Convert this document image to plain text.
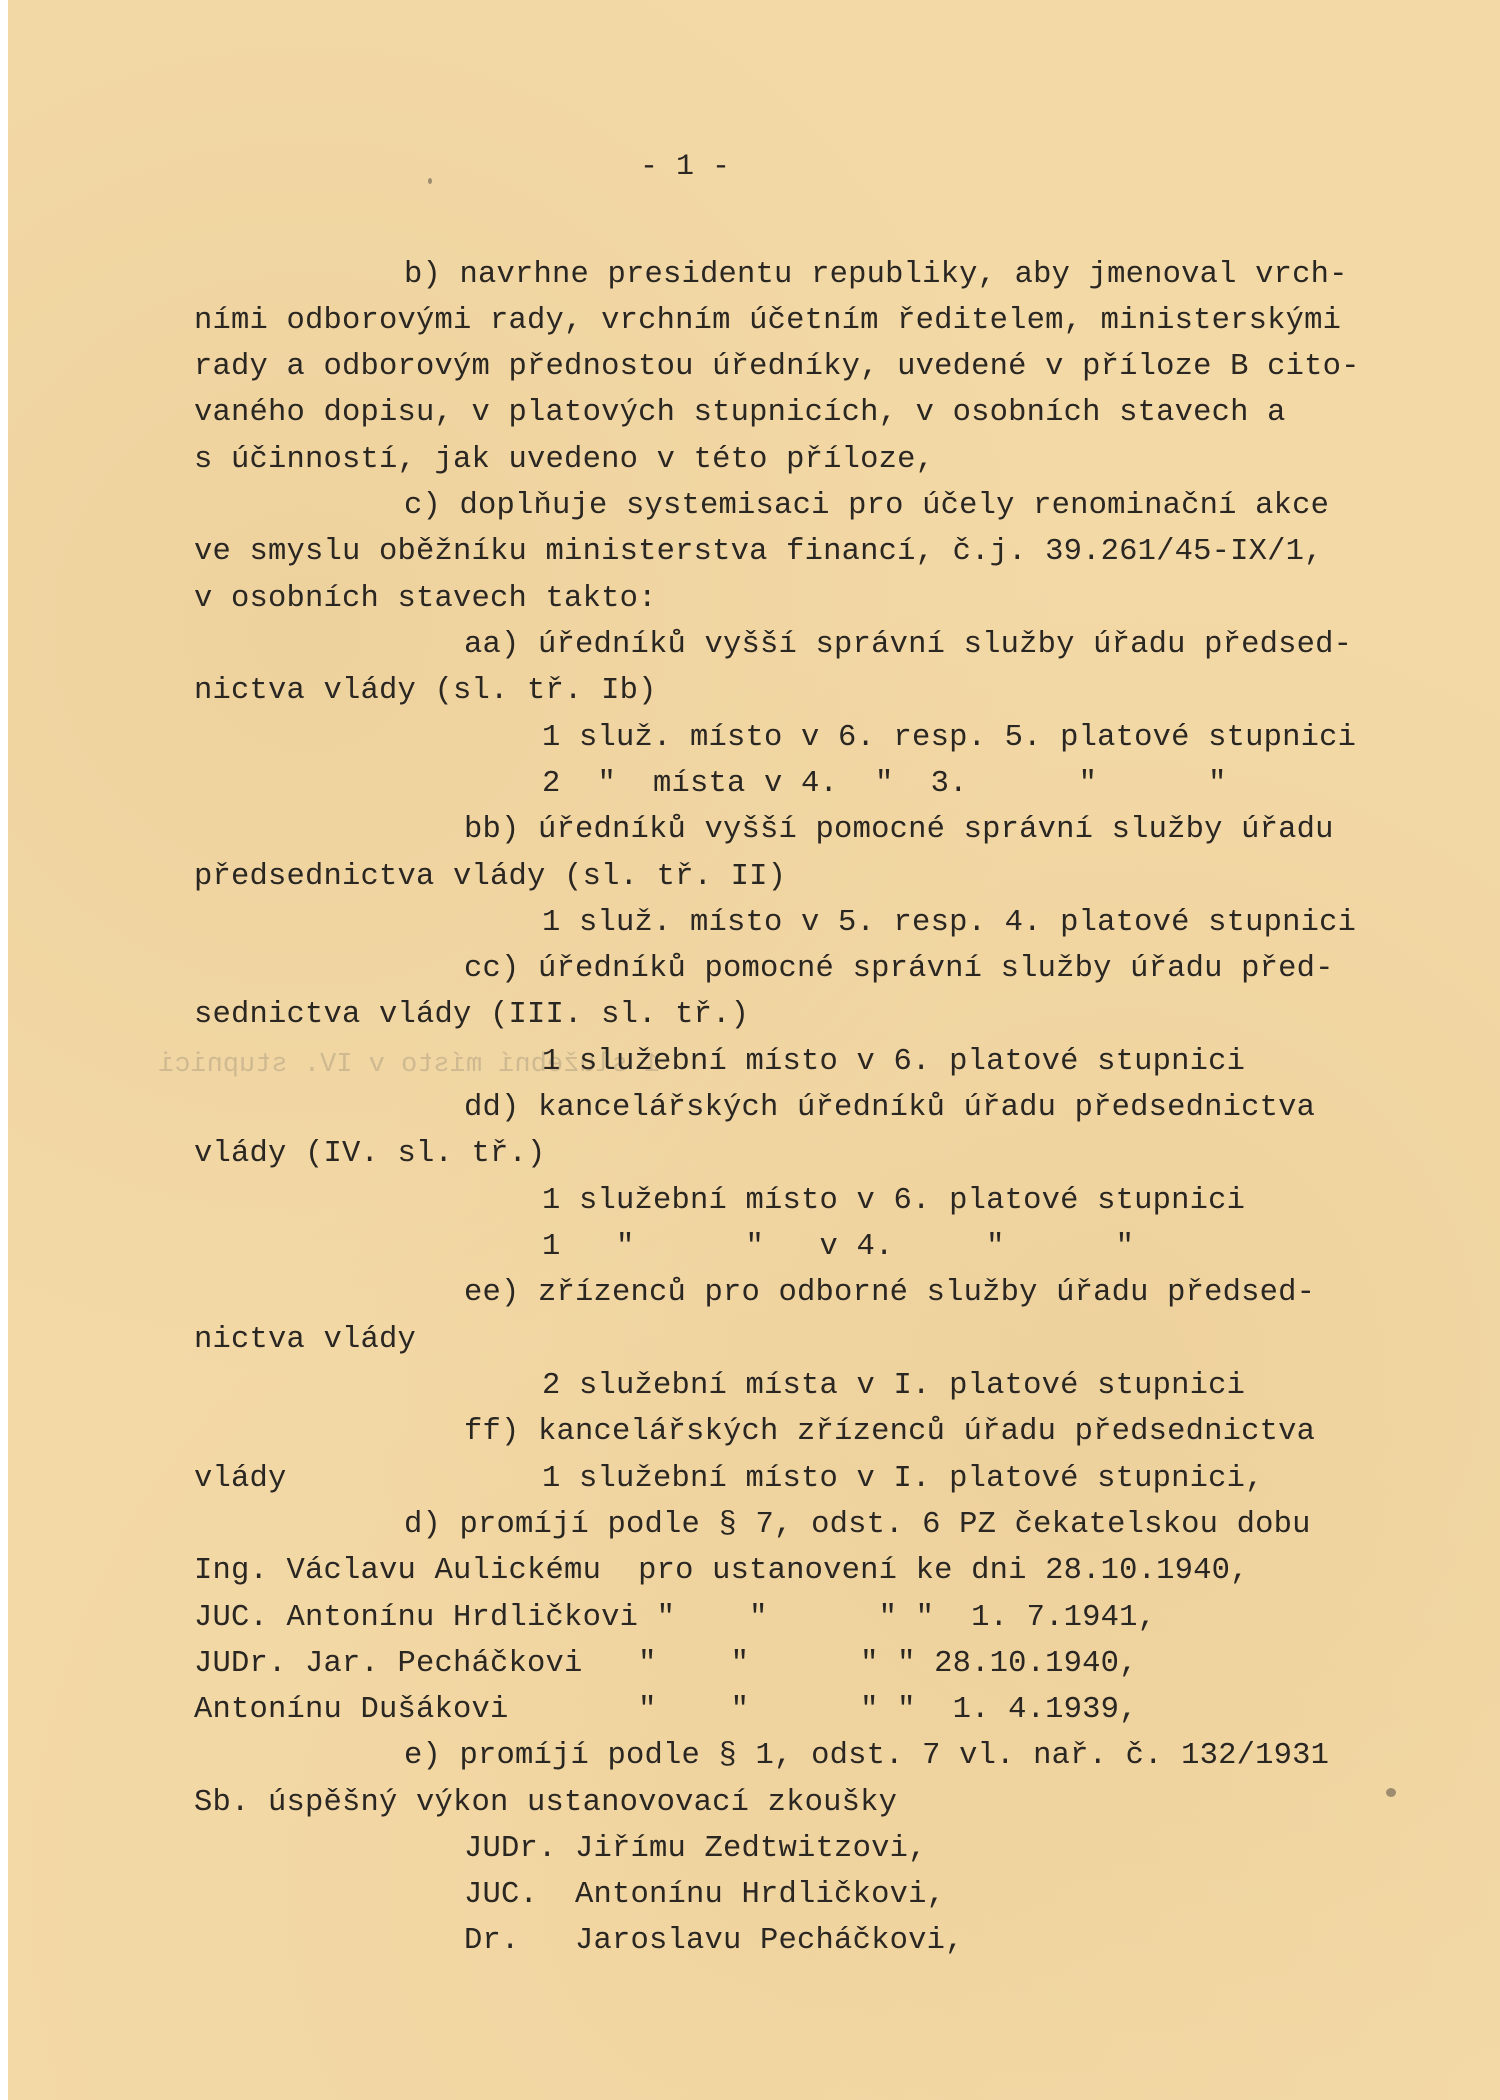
- 1 -
1 služební místo v IV. stupnici
b) navrhne presidentu republiky, aby jmenoval vrch-
ními odborovými rady, vrchním účetním ředitelem, ministerskými
rady a odborovým přednostou úředníky, uvedené v příloze B cito-
vaného dopisu, v platových stupnicích, v osobních stavech a
s účinností, jak uvedeno v této příloze,
c) doplňuje systemisaci pro účely renominační akce
ve smyslu oběžníku ministerstva financí, č.j. 39.261/45-IX/1,
v osobních stavech takto:
aa) úředníků vyšší správní služby úřadu předsed-
nictva vlády (sl. tř. Ib)
1 služ. místo v 6. resp. 5. platové stupnici
2  "  místa v 4.  "  3.      "      "
bb) úředníků vyšší pomocné správní služby úřadu
předsednictva vlády (sl. tř. II)
1 služ. místo v 5. resp. 4. platové stupnici
cc) úředníků pomocné správní služby úřadu před-
sednictva vlády (III. sl. tř.)
1 služební místo v 6. platové stupnici
dd) kancelářských úředníků úřadu předsednictva
vlády (IV. sl. tř.)
1 služební místo v 6. platové stupnici
1   "      "   v 4.     "      "
ee) zřízenců pro odborné služby úřadu předsed-
nictva vlády
2 služební místa v I. platové stupnici
ff) kancelářských zřízenců úřadu předsednictva
vlády	1 služební místo v I. platové stupnici,
d) promíjí podle § 7, odst. 6 PZ čekatelskou dobu
Ing. Václavu Aulickému  pro ustanovení ke dni 28.10.1940,
JUC. Antonínu Hrdličkovi "    "      " "  1. 7.1941,
JUDr. Jar. Pecháčkovi   "    "      " " 28.10.1940,
Antonínu Dušákovi       "    "      " "  1. 4.1939,
e) promíjí podle § 1, odst. 7 vl. nař. č. 132/1931
Sb. úspěšný výkon ustanovovací zkoušky
JUDr. Jiřímu Zedtwitzovi,
JUC.  Antonínu Hrdličkovi,
Dr.   Jaroslavu Pecháčkovi,
